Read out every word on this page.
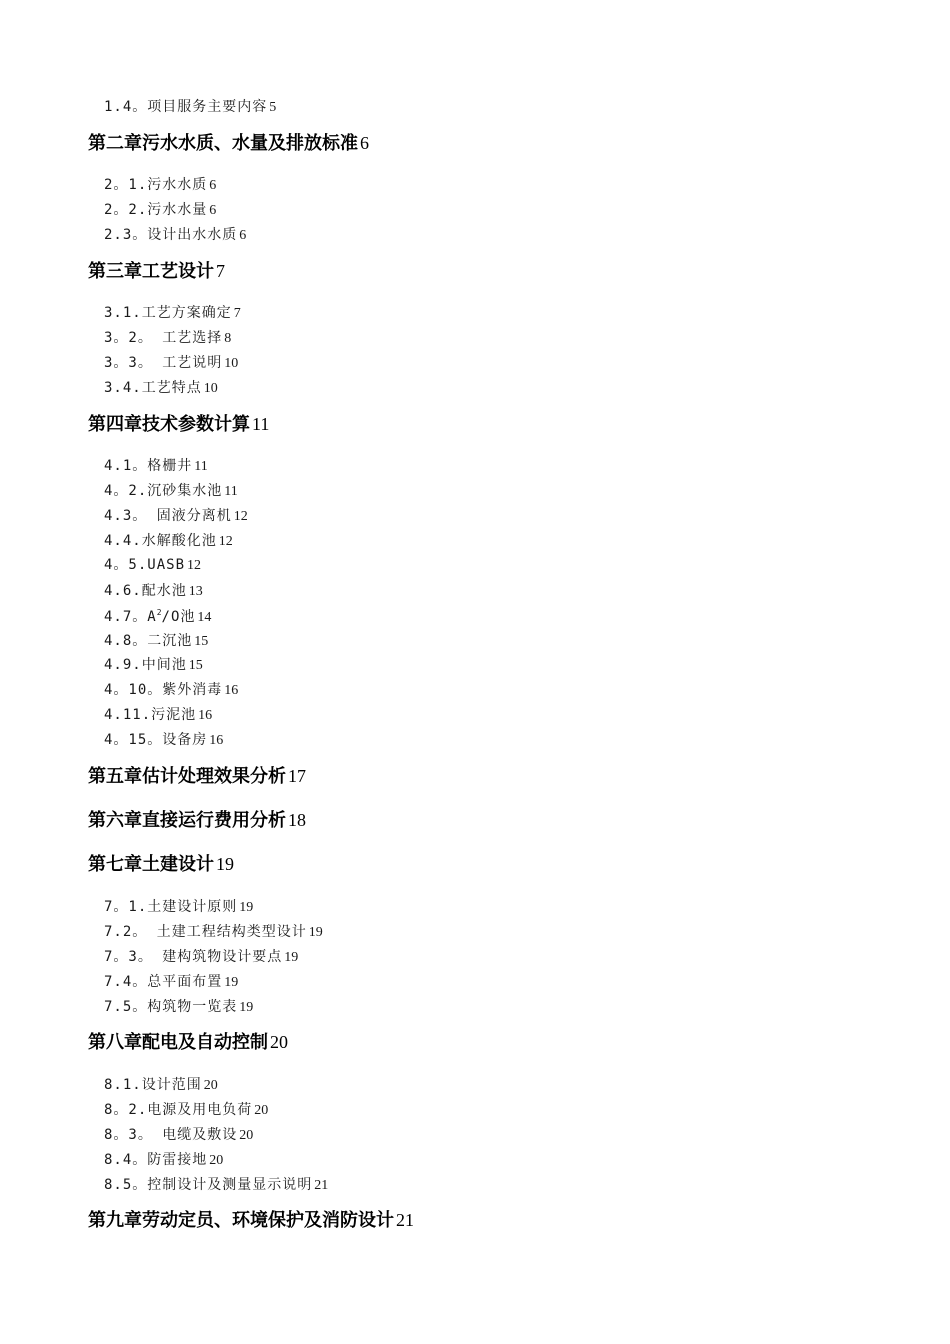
1.4。项目服务主要内容 5
第二章污水水质、水量及排放标准 6
2。1.污水水质 6
2。2.污水水量 6
2.3。设计出水水质 6
第三章工艺设计 7
3.1.工艺方案确定 7
3。2。 工艺选择 8
3。3。 工艺说明 10
3.4.工艺特点 10
第四章技术参数计算 11
4.1。格栅井 11
4。2.沉砂集水池 11
4.3。 固液分离机 12
4.4.水解酸化池 12
4。5.UASB 12
4.6.配水池 13
4.7。$A^2/O$池 14
4.8。二沉池 15
4.9.中间池 15
4。10。紫外消毒 16
4.11.污泥池 16
4。15。设备房 16
第五章估计处理效果分析 17
第六章直接运行费用分析 18
第七章土建设计 19
7。1.土建设计原则 19
7.2。 土建工程结构类型设计 19
7。3。 建构筑物设计要点 19
7.4。总平面布置 19
7.5。构筑物一览表 19
第八章配电及自动控制 20
8.1.设计范围 20
8。2.电源及用电负荷 20
8。3。 电缆及敷设 20
8.4。防雷接地 20
8.5。控制设计及测量显示说明 21
第九章劳动定员、环境保护及消防设计 21
